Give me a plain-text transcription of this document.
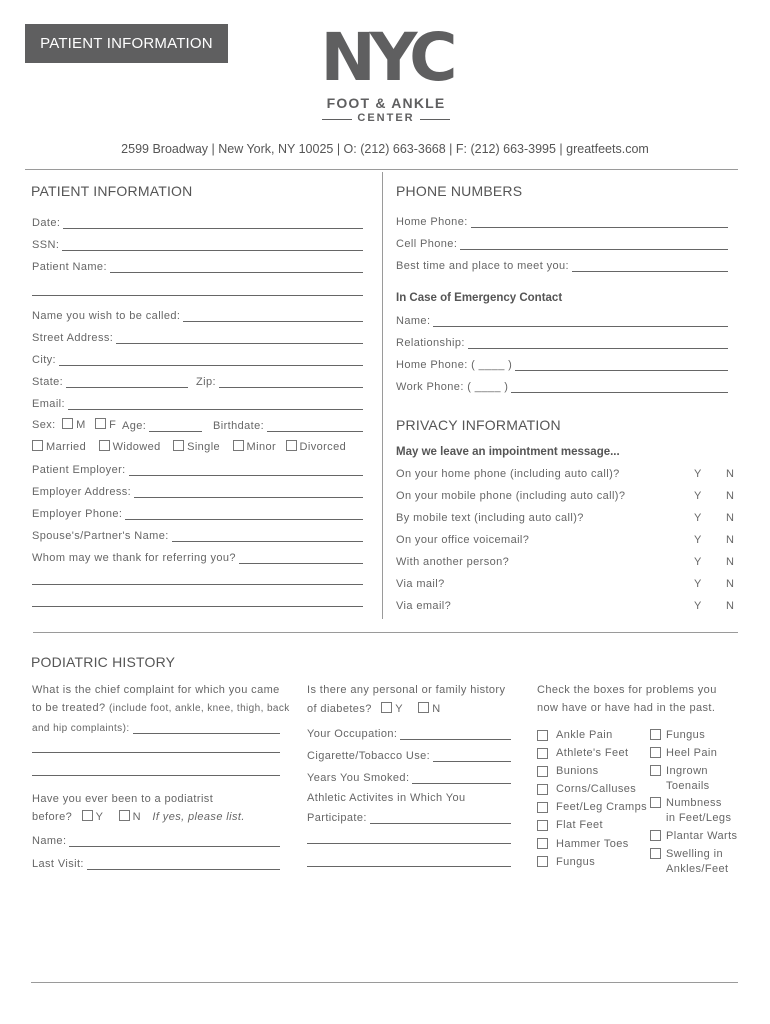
PATIENT INFORMATION NYC
FOOT & ANKLE
CENTER
2599 Broadway | New York, NY 10025 | O: (212) 663-3668 | F: (212) 663-3995 | greatfeets.com
PATIENT INFORMATION
Date:
SSN:
Patient Name:
Name you wish to be called:
Street Address:
City:
State:	Zip:
Email:
Sex: M F Age:	Birthdate:
Married Widowed Single Minor Divorced
Patient Employer:
Employer Address:
Employer Phone:
Spouse's/Partner's Name:
Whom may we thank for referring you?
PHONE NUMBERS
Home Phone:
Cell Phone:
Best time and place to meet you:
In Case of Emergency Contact
Name:
Relationship:
Home Phone: ( ____ )
Work Phone: ( ____ )
PRIVACY INFORMATION
May we leave an impointment message...
On your home phone (including auto call)?	Y N
On your mobile phone (including auto call)?	Y N
By mobile text (including auto call)?	Y N
On your office voicemail?	Y N
With another person?	Y N
Via mail?	Y N
Via email?	Y N
PODIATRIC HISTORY
What is the chief complaint for which you came
to be treated? (include foot, ankle, knee, thigh, back
and hip complaints):
Have you ever been to a podiatrist
before? Y	N If yes, please list.
Name:
Last Visit:
Is there any personal or family history
of diabetes? Y	N
Your Occupation:
Cigarette/Tobacco Use:
Years You Smoked:
Athletic Activites in Which You
Participate:
Check the boxes for problems you
now have or have had in the past.
Ankle Pain
Athlete's Feet
Bunions
Corns/Calluses
Feet/Leg Cramps
Flat Feet
Hammer Toes
Fungus
Fungus
Heel Pain
Ingrown
Toenails
Numbness
in Feet/Legs
Plantar Warts
Swelling in
Ankles/Feet
